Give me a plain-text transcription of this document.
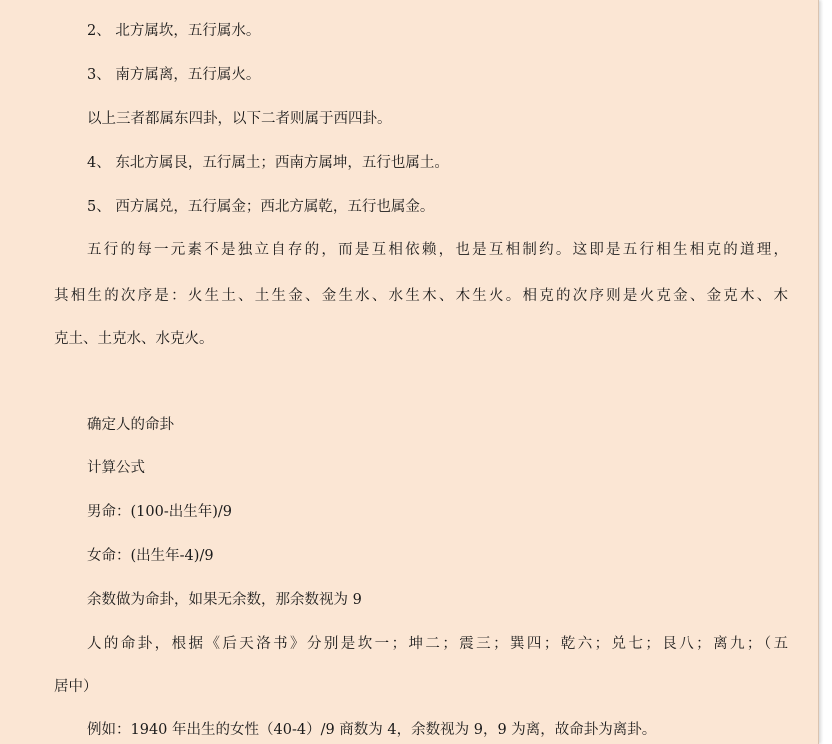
2、 北方属坎，五行属水。
3、 南方属离，五行属火。
以上三者都属东四卦，以下二者则属于西四卦。
4、 东北方属艮，五行属土；西南方属坤，五行也属土。
5、 西方属兑，五行属金；西北方属乾，五行也属金。
五行的每一元素不是独立自存的，而是互相依赖，也是互相制约。这即是五行相生相克的道理，
其相生的次序是：火生土、土生金、金生水、水生木、木生火。相克的次序则是火克金、金克木、木
克土、土克水、水克火。
确定人的命卦
计算公式
男命：(100-出生年)/9
女命：(出生年-4)/9
余数做为命卦，如果无余数，那余数视为 9
人的命卦，根据《后天洛书》分别是坎一；坤二；震三；巽四；乾六；兑七；艮八；离九；（五
居中）
例如：1940 年出生的女性（40-4）/9 商数为 4，余数视为 9，9 为离，故命卦为离卦。
